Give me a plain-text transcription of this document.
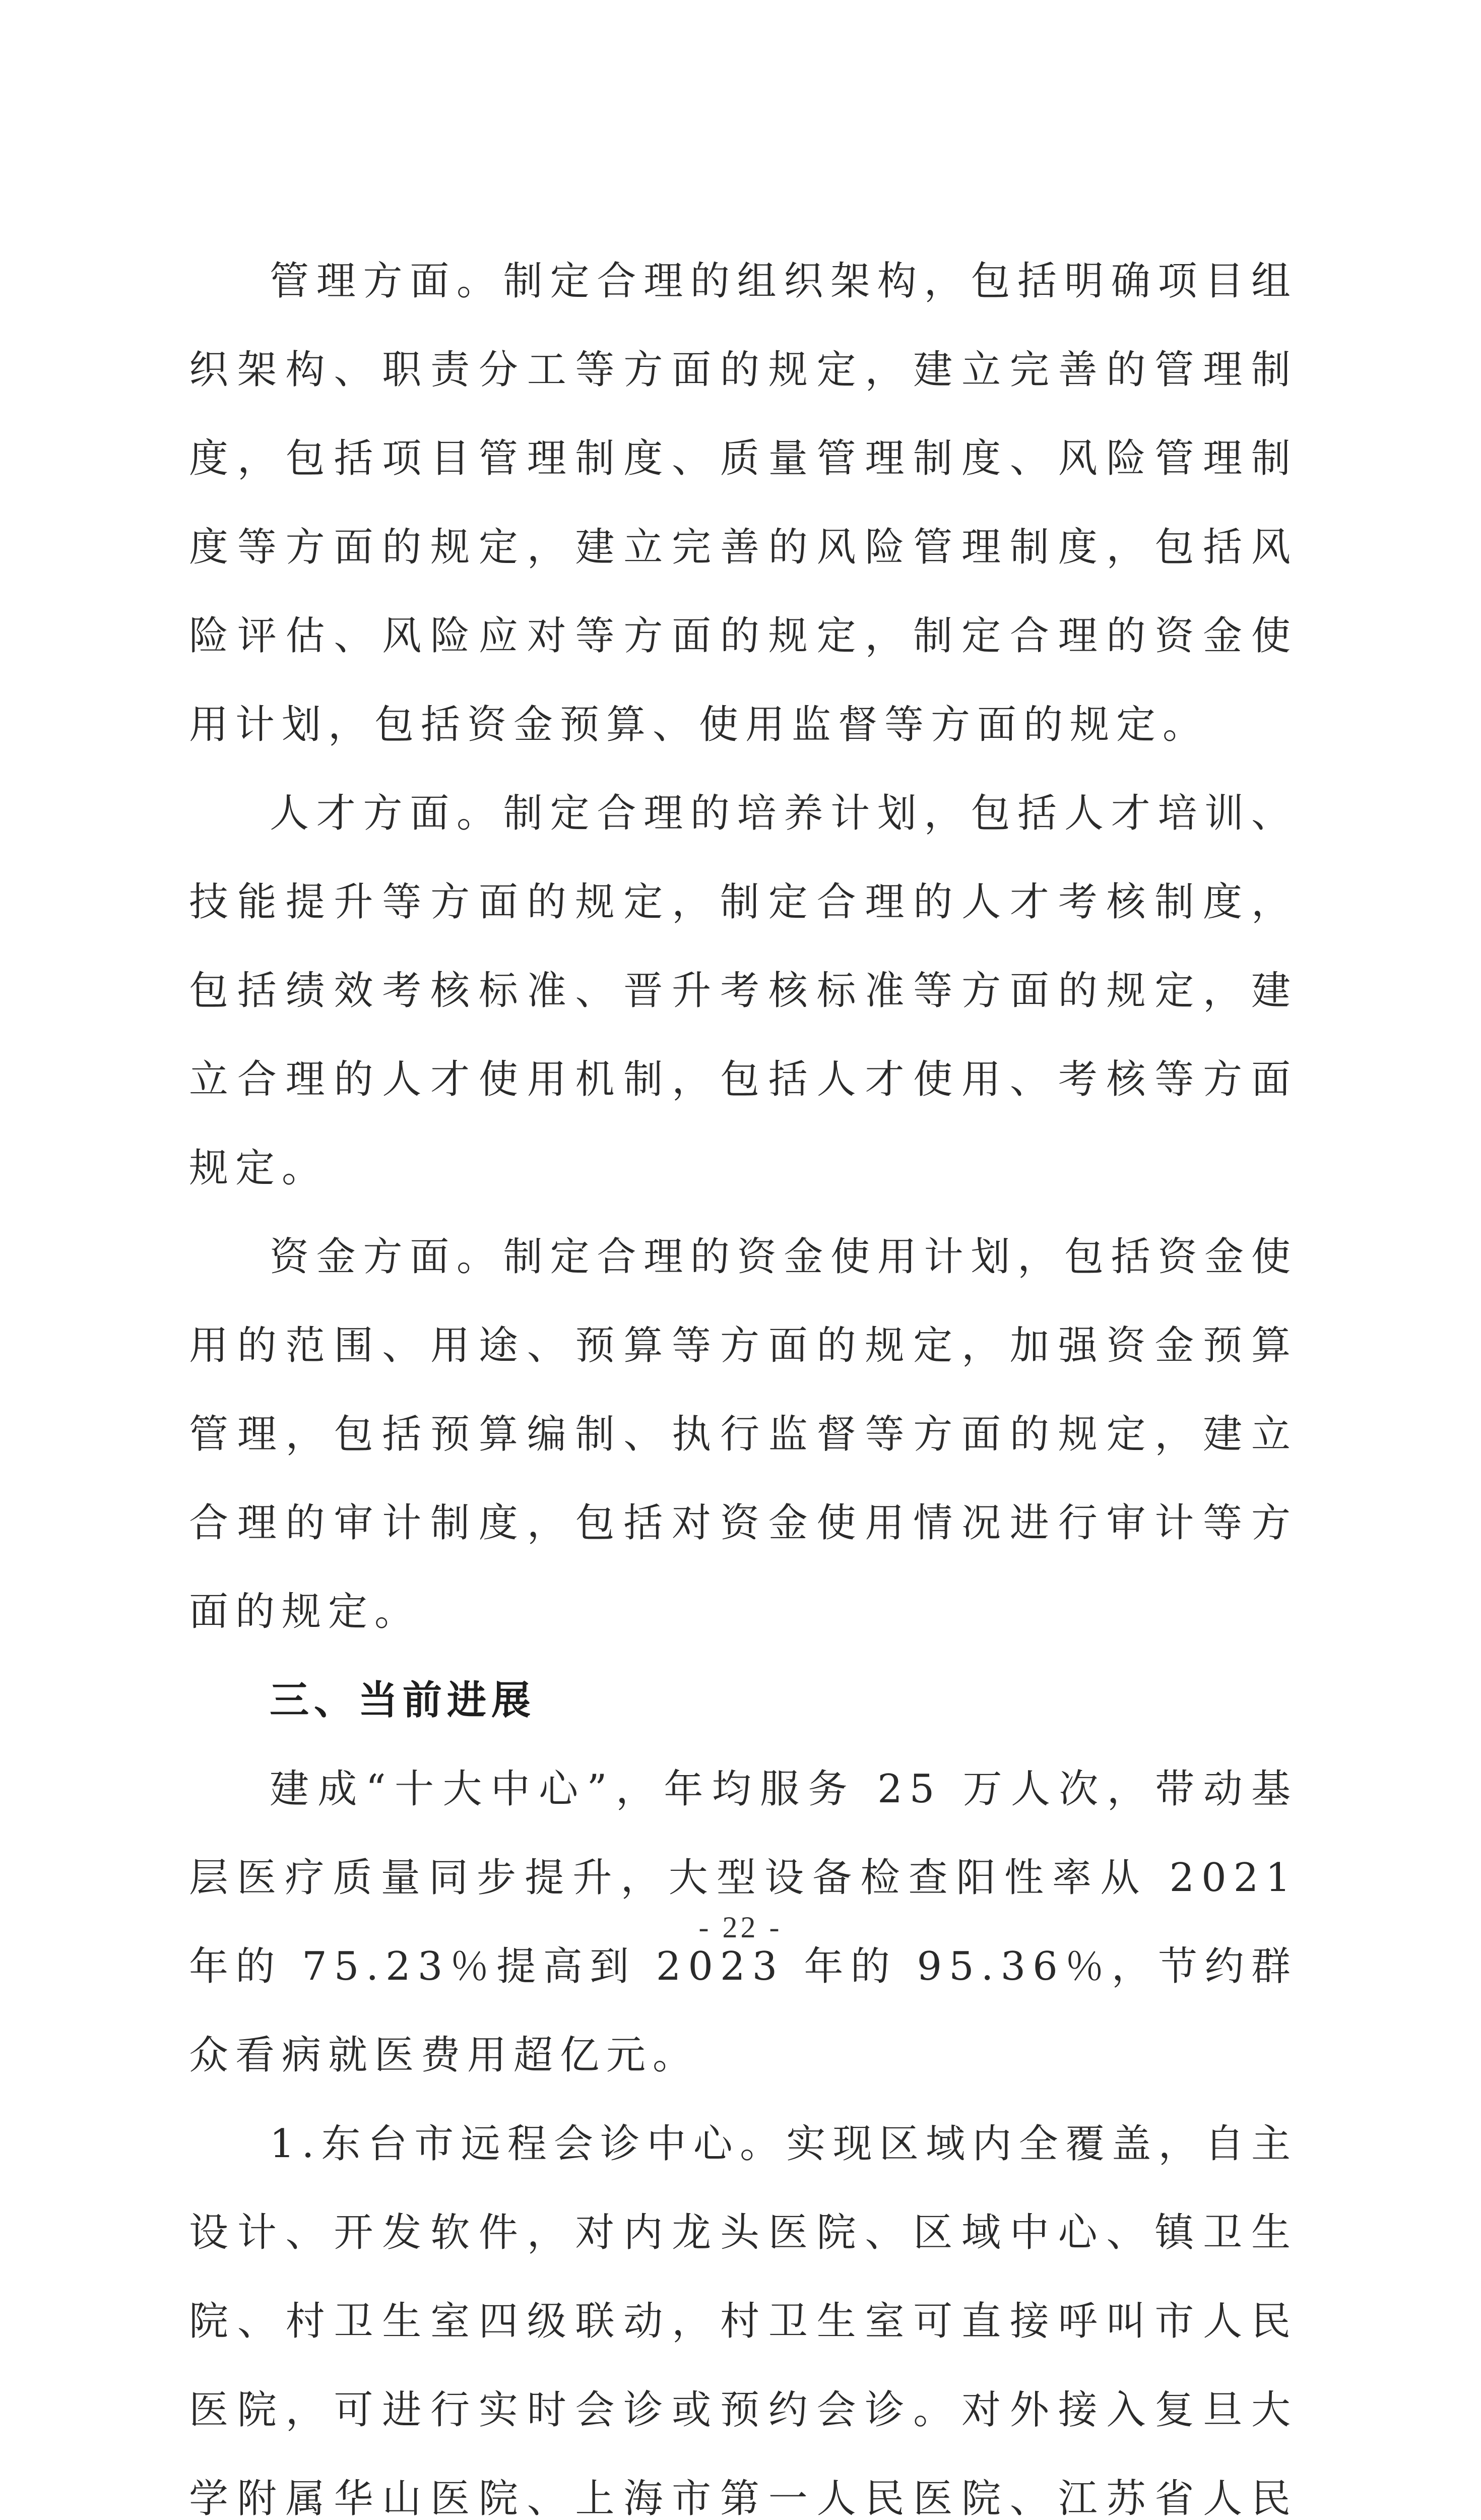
管理方面。制定合理的组织架构，包括明确项目组织架构、职责分工等方面的规定，建立完善的管理制度，包括项目管理制度、质量管理制度、风险管理制度等方面的规定，建立完善的风险管理制度，包括风险评估、风险应对等方面的规定，制定合理的资金使用计划，包括资金预算、使用监督等方面的规定。

人才方面。制定合理的培养计划，包括人才培训、技能提升等方面的规定，制定合理的人才考核制度，包括绩效考核标准、晋升考核标准等方面的规定，建立合理的人才使用机制，包括人才使用、考核等方面规定。

资金方面。制定合理的资金使用计划，包括资金使用的范围、用途、预算等方面的规定，加强资金预算管理，包括预算编制、执行监督等方面的规定，建立合理的审计制度，包括对资金使用情况进行审计等方面的规定。

三、当前进展

建成“十大中心”，年均服务 25 万人次，带动基层医疗质量同步提升，大型设备检查阳性率从 2021 年的 75.23％提高到 2023 年的 95.36％，节约群众看病就医费用超亿元。

1.东台市远程会诊中心。实现区域内全覆盖，自主设计、开发软件，对内龙头医院、区域中心、镇卫生院、村卫生室四级联动，村卫生室可直接呼叫市人民医院，可进行实时会诊或预约会诊。对外接入复旦大学附属华山医院、上海市第一人民医院、江苏省人民

- 22 -
